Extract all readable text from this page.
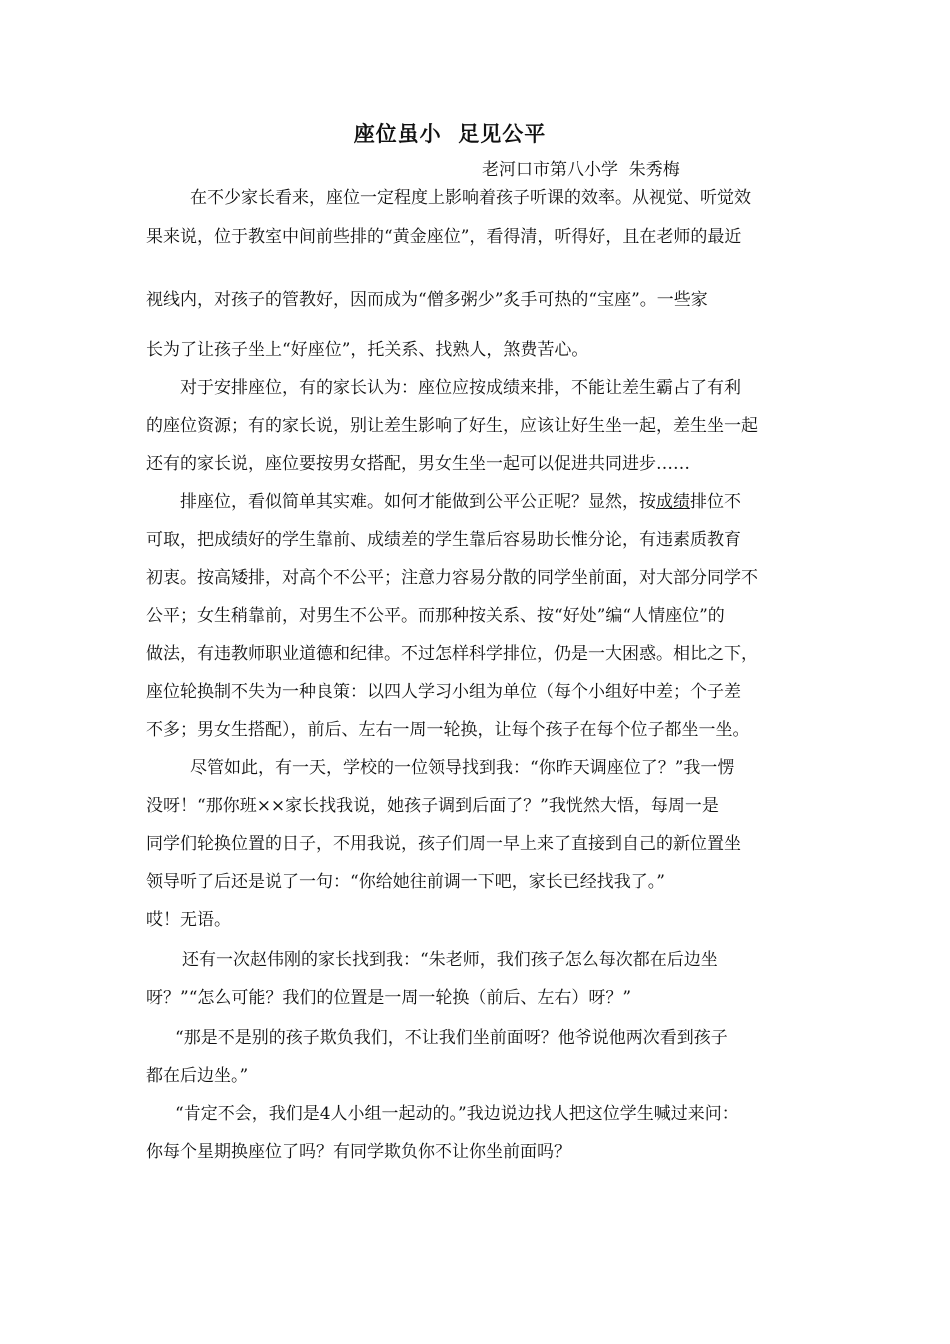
座位虽小  足见公平
老河口市第八小学  朱秀梅
在不少家长看来，座位一定程度上影响着孩子听课的效率。从视觉、听觉效
果来说，位于教室中间前些排的“黄金座位”，看得清，听得好，且在老师的最近
视线内，对孩子的管教好，因而成为“僧多粥少”炙手可热的“宝座”。一些家
长为了让孩子坐上“好座位”，托关系、找熟人，煞费苦心。
对于安排座位，有的家长认为：座位应按成绩来排，不能让差生霸占了有利
的座位资源；有的家长说，别让差生影响了好生，应该让好生坐一起，差生坐一起
还有的家长说，座位要按男女搭配，男女生坐一起可以促进共同进步……
排座位，看似简单其实难。如何才能做到公平公正呢？显然，按成绩排位不
可取，把成绩好的学生靠前、成绩差的学生靠后容易助长惟分论，有违素质教育
初衷。按高矮排，对高个不公平；注意力容易分散的同学坐前面，对大部分同学不
公平；女生稍靠前，对男生不公平。而那种按关系、按“好处”编“人情座位”的
做法，有违教师职业道德和纪律。不过怎样科学排位，仍是一大困惑。相比之下，
座位轮换制不失为一种良策：以四人学习小组为单位（每个小组好中差；个子差
不多；男女生搭配），前后、左右一周一轮换，让每个孩子在每个位子都坐一坐。
尽管如此，有一天，学校的一位领导找到我：“你昨天调座位了？”我一愣
没呀！“那你班××家长找我说，她孩子调到后面了？”我恍然大悟，每周一是
同学们轮换位置的日子，不用我说，孩子们周一早上来了直接到自己的新位置坐
领导听了后还是说了一句：“你给她往前调一下吧，家长已经找我了。”
哎！无语。
还有一次赵伟刚的家长找到我：“朱老师，我们孩子怎么每次都在后边坐
呀？”“怎么可能？我们的位置是一周一轮换（前后、左右）呀？”
“那是不是别的孩子欺负我们，不让我们坐前面呀？他爷说他两次看到孩子
都在后边坐。”
“肯定不会，我们是4人小组一起动的。”我边说边找人把这位学生喊过来问：
你每个星期换座位了吗？有同学欺负你不让你坐前面吗？
